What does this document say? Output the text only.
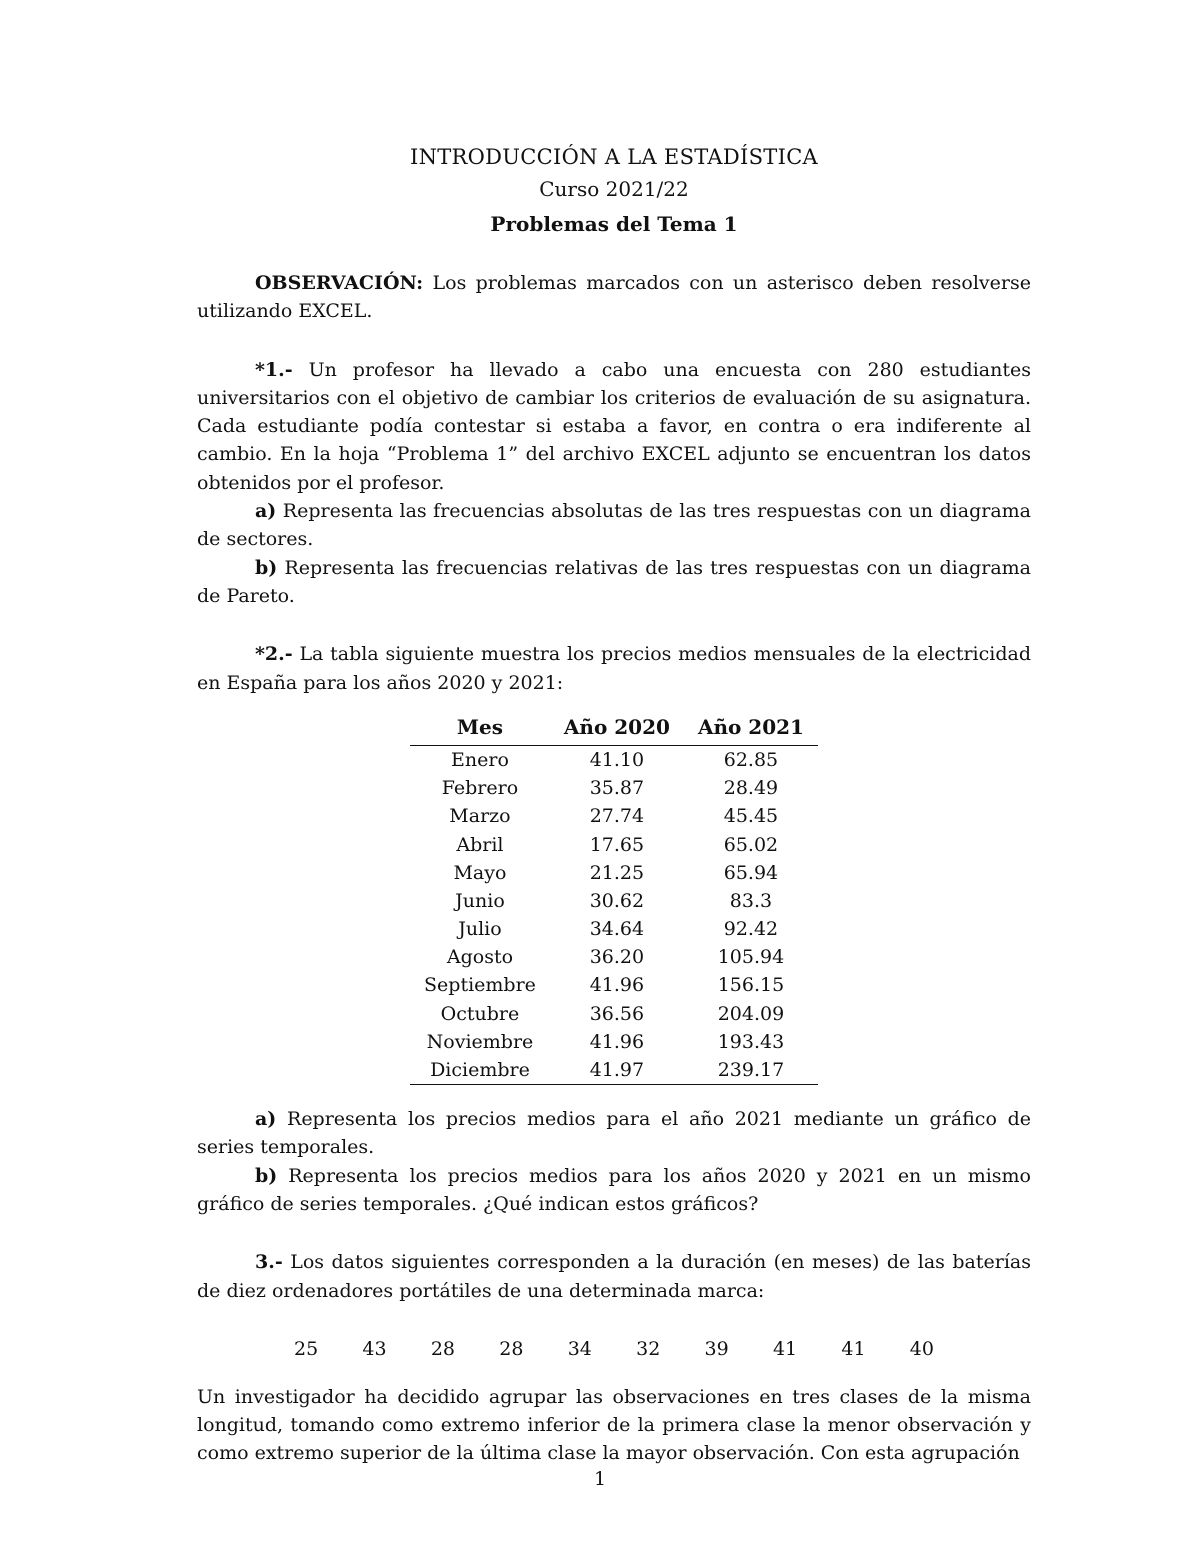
INTRODUCCIÓN A LA ESTADÍSTICA
Curso 2021/22
Problemas del Tema 1

OBSERVACIÓN: Los problemas marcados con un asterisco deben resolverse utilizando EXCEL.

*1.- Un profesor ha llevado a cabo una encuesta con 280 estudiantes universitarios con el objetivo de cambiar los criterios de evaluación de su asignatura. Cada estudiante podía contestar si estaba a favor, en contra o era indiferente al cambio. En la hoja “Problema 1” del archivo EXCEL adjunto se encuentran los datos obtenidos por el profesor.

a) Representa las frecuencias absolutas de las tres respuestas con un diagrama de sectores.

b) Representa las frecuencias relativas de las tres respuestas con un diagrama de Pareto.

*2.- La tabla siguiente muestra los precios medios mensuales de la electricidad en España para los años 2020 y 2021:

Mes	Año 2020	Año 2021
Enero	41.10	62.85
Febrero	35.87	28.49
Marzo	27.74	45.45
Abril	17.65	65.02
Mayo	21.25	65.94
Junio	30.62	83.3
Julio	34.64	92.42
Agosto	36.20	105.94
Septiembre	41.96	156.15
Octubre	36.56	204.09
Noviembre	41.96	193.43
Diciembre	41.97	239.17

a) Representa los precios medios para el año 2021 mediante un gráfico de series temporales.

b) Representa los precios medios para los años 2020 y 2021 en un mismo gráfico de series temporales. ¿Qué indican estos gráficos?

3.- Los datos siguientes corresponden a la duración (en meses) de las baterías de diez ordenadores portátiles de una determinada marca:

25 43 28 28 34 32 39 41 41 40

Un investigador ha decidido agrupar las observaciones en tres clases de la misma longitud, tomando como extremo inferior de la primera clase la menor observación y como extremo superior de la última clase la mayor observación. Con esta agrupación

1
